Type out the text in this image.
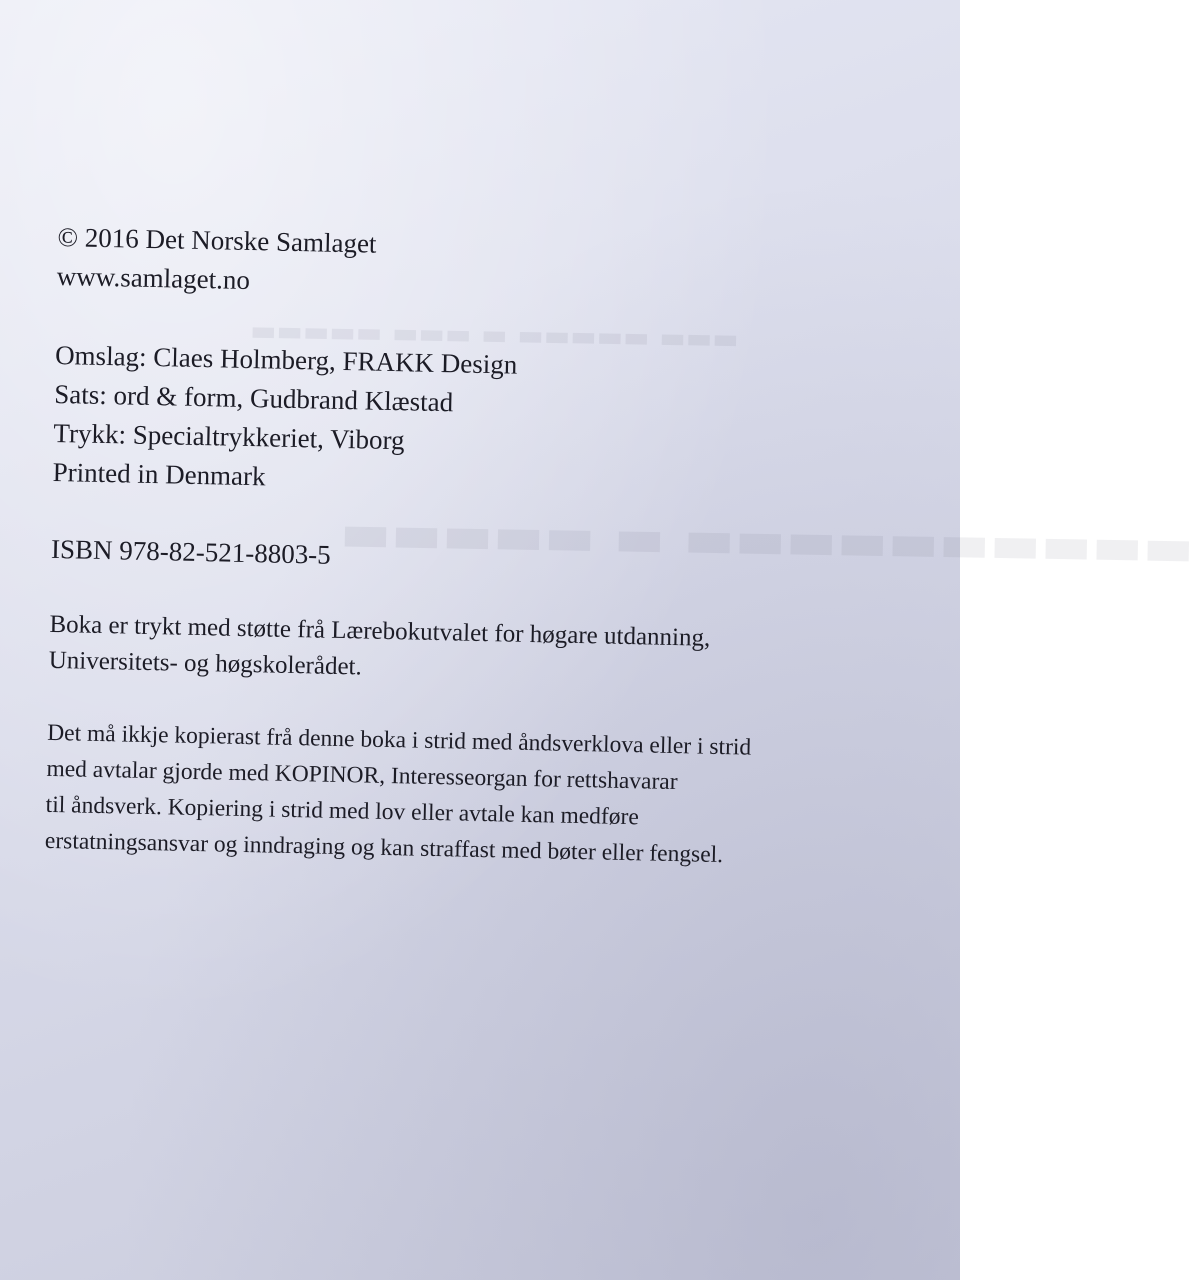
▬▬▬ ▬▬▬▬▬ ▬ ▬▬▬ ▬▬▬▬▬
▬▬▬▬▬▬▬▬▬▬ ▬ ▬▬▬▬▬

© 2016 Det Norske Samlaget
www.samlaget.no

Omslag: Claes Holmberg, FRAKK Design
Sats: ord & form, Gudbrand Klæstad
Trykk: Specialtrykkeriet, Viborg
Printed in Denmark

ISBN 978-82-521-8803-5

Boka er trykt med støtte frå Lærebokutvalet for høgare utdanning,
Universitets- og høgskolerådet.

Det må ikkje kopierast frå denne boka i strid med åndsverklova eller i strid
med avtalar gjorde med KOPINOR, Interesseorgan for rettshavarar
til åndsverk. Kopiering i strid med lov eller avtale kan medføre
erstatningsansvar og inndraging og kan straffast med bøter eller fengsel.
